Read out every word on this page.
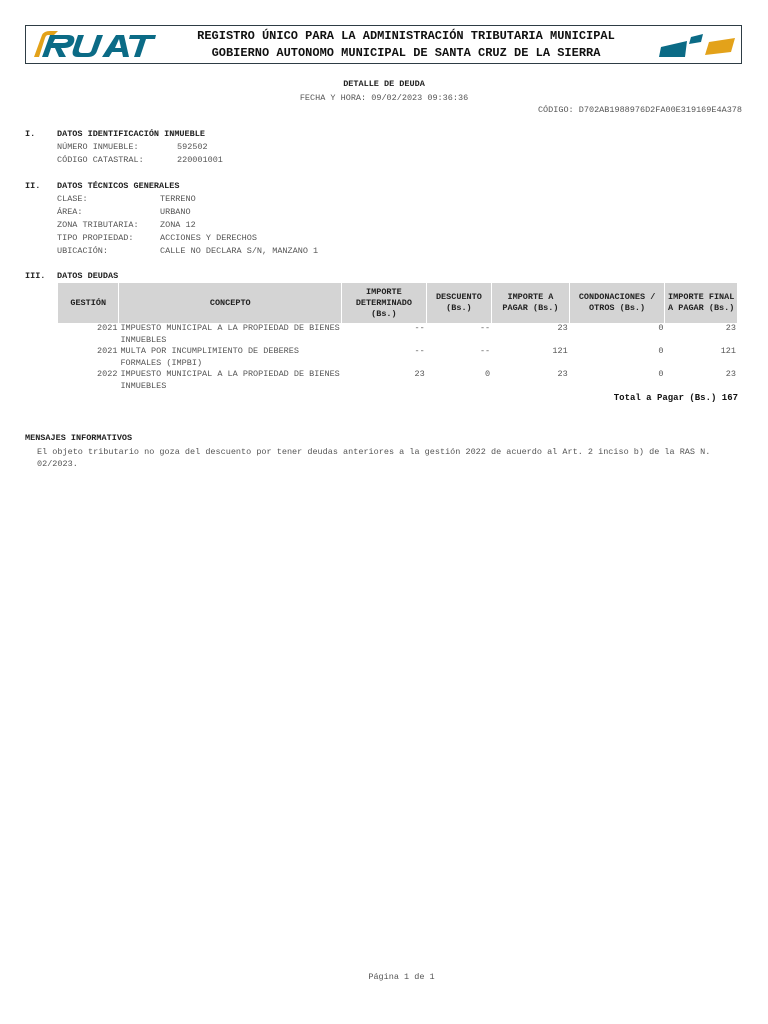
REGISTRO ÚNICO PARA LA ADMINISTRACIÓN TRIBUTARIA MUNICIPAL
GOBIERNO AUTONOMO MUNICIPAL DE SANTA CRUZ DE LA SIERRA
DETALLE DE DEUDA
FECHA Y HORA: 09/02/2023 09:36:36
CÓDIGO: D702AB1988976D2FA00E319169E4A378
I.	DATOS IDENTIFICACIÓN INMUEBLE
NÚMERO INMUEBLE:	592502
CÓDIGO CATASTRAL:	220001001
II. DATOS TÉCNICOS GENERALES
CLASE:	TERRENO
ÁREA:	URBANO
ZONA TRIBUTARIA:	ZONA 12
TIPO PROPIEDAD:	ACCIONES Y DERECHOS
UBICACIÓN:	CALLE NO DECLARA S/N, MANZANO 1
III. DATOS DEUDAS
GESTIÓN	CONCEPTO	IMPORTE DETERMINADO (Bs.)	DESCUENTO (Bs.)	IMPORTE A PAGAR (Bs.)	CONDONACIONES / OTROS (Bs.)	IMPORTE FINAL A PAGAR (Bs.)
2021	IMPUESTO MUNICIPAL A LA PROPIEDAD DE BIENES INMUEBLES	--	--	23	0	23
2021	MULTA POR INCUMPLIMIENTO DE DEBERES FORMALES (IMPBI)	--	--	121	0	121
2022	IMPUESTO MUNICIPAL A LA PROPIEDAD DE BIENES INMUEBLES	23	0	23	0	23
Total a Pagar (Bs.) 167
MENSAJES INFORMATIVOS
El objeto tributario no goza del descuento por tener deudas anteriores a la gestión 2022 de acuerdo al Art. 2 inciso b) de la RAS N. 02/2023.
Página 1 de 1
